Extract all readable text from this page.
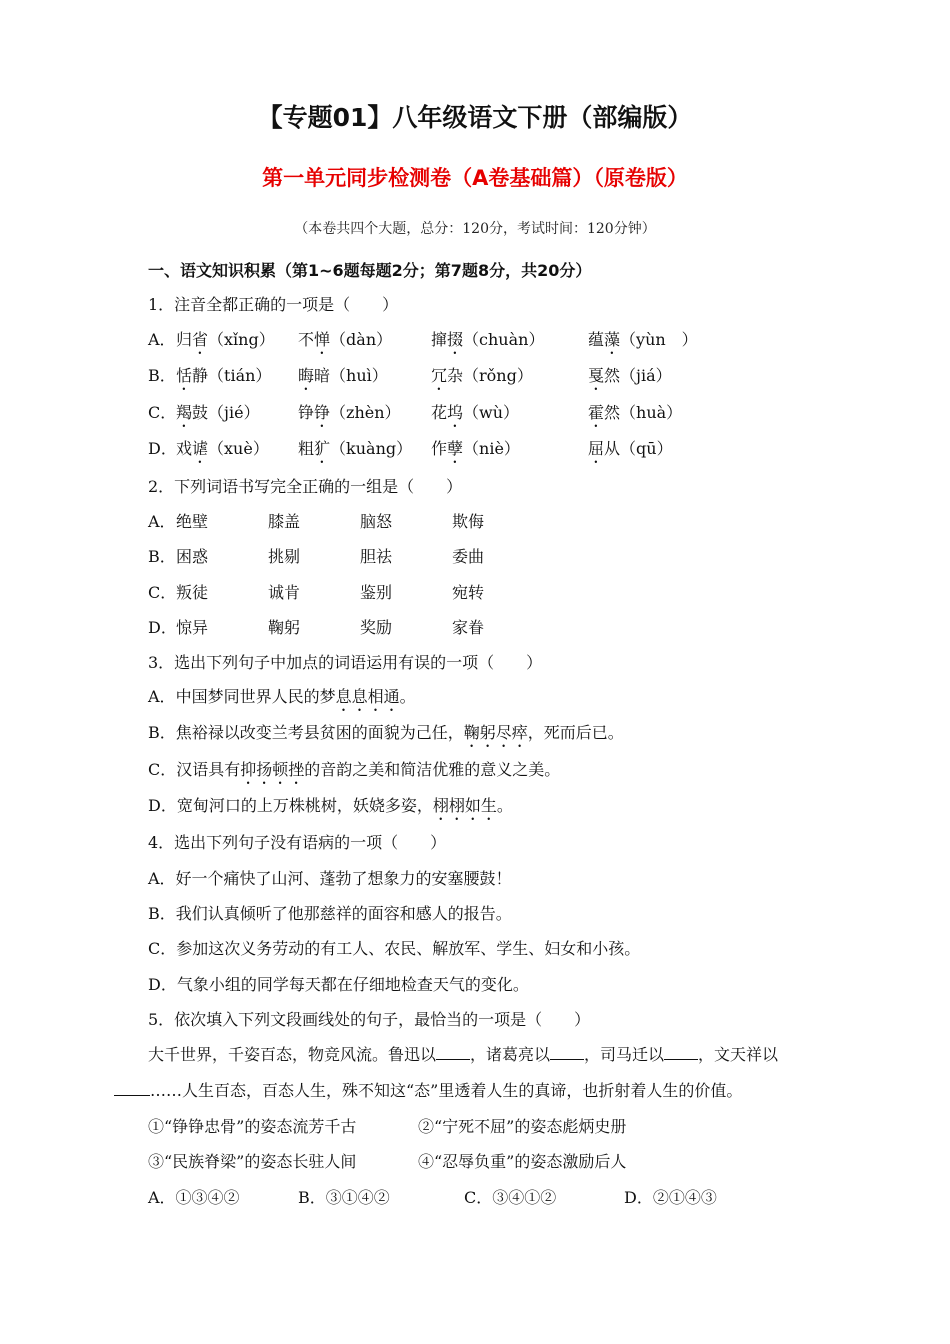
【专题01】八年级语文下册（部编版）
第一单元同步检测卷（A卷基础篇）（原卷版）
（本卷共四个大题，总分：120分，考试时间：120分钟）
一、语文知识积累（第1~6题每题2分；第7题8分，共20分）
1．注音全都正确的一项是（　　）
A． 归省（xǐng） 不惮（dàn） 撺掇（chuàn）	蕴藻（yùn　）
B． 恬静（tián） 晦暗（huì）	冗杂（rǒng）	戛然（jiá）
C． 羯鼓（jié） 铮铮（zhèn） 花坞（wù）	霍然（huà）
D． 戏谑（xuè） 粗犷（kuàng） 作孽（niè）	屈从（qū）
2．下列词语书写完全正确的一组是（　　）
A． 绝壁	膝盖	脑怒	欺侮
B． 困惑	挑剔	胆祛	委曲
C． 叛徒	诚肯	鉴别	宛转
D． 惊异	鞠躬	奖励	家眷
3．选出下列句子中加点的词语运用有误的一项（　　）
A．中国梦同世界人民的梦息息相通。
B．焦裕禄以改变兰考县贫困的面貌为己任，鞠躬尽瘁，死而后已。
C．汉语具有抑扬顿挫的音韵之美和简洁优雅的意义之美。
D．宽甸河口的上万株桃树，妖娆多姿，栩栩如生。
4．选出下列句子没有语病的一项（　　）
A．好一个痛快了山河、蓬勃了想象力的安塞腰鼓！
B．我们认真倾听了他那慈祥的面容和感人的报告。
C．参加这次义务劳动的有工人、农民、解放军、学生、妇女和小孩。
D．气象小组的同学每天都在仔细地检查天气的变化。
5．依次填入下列文段画线处的句子，最恰当的一项是（　　）
大千世界，千姿百态，物竞风流。鲁迅以 ，诸葛亮以 ，司马迁以 ，文天祥以
……人生百态，百态人生，殊不知这“态”里透着人生的真谛，也折射着人生的价值。
①“铮铮忠骨”的姿态流芳千古	②“宁死不屈”的姿态彪炳史册
③“民族脊梁”的姿态长驻人间	④“忍辱负重”的姿态激励后人
A．①③④②	B．③①④②	C．③④①②	D．②①④③
